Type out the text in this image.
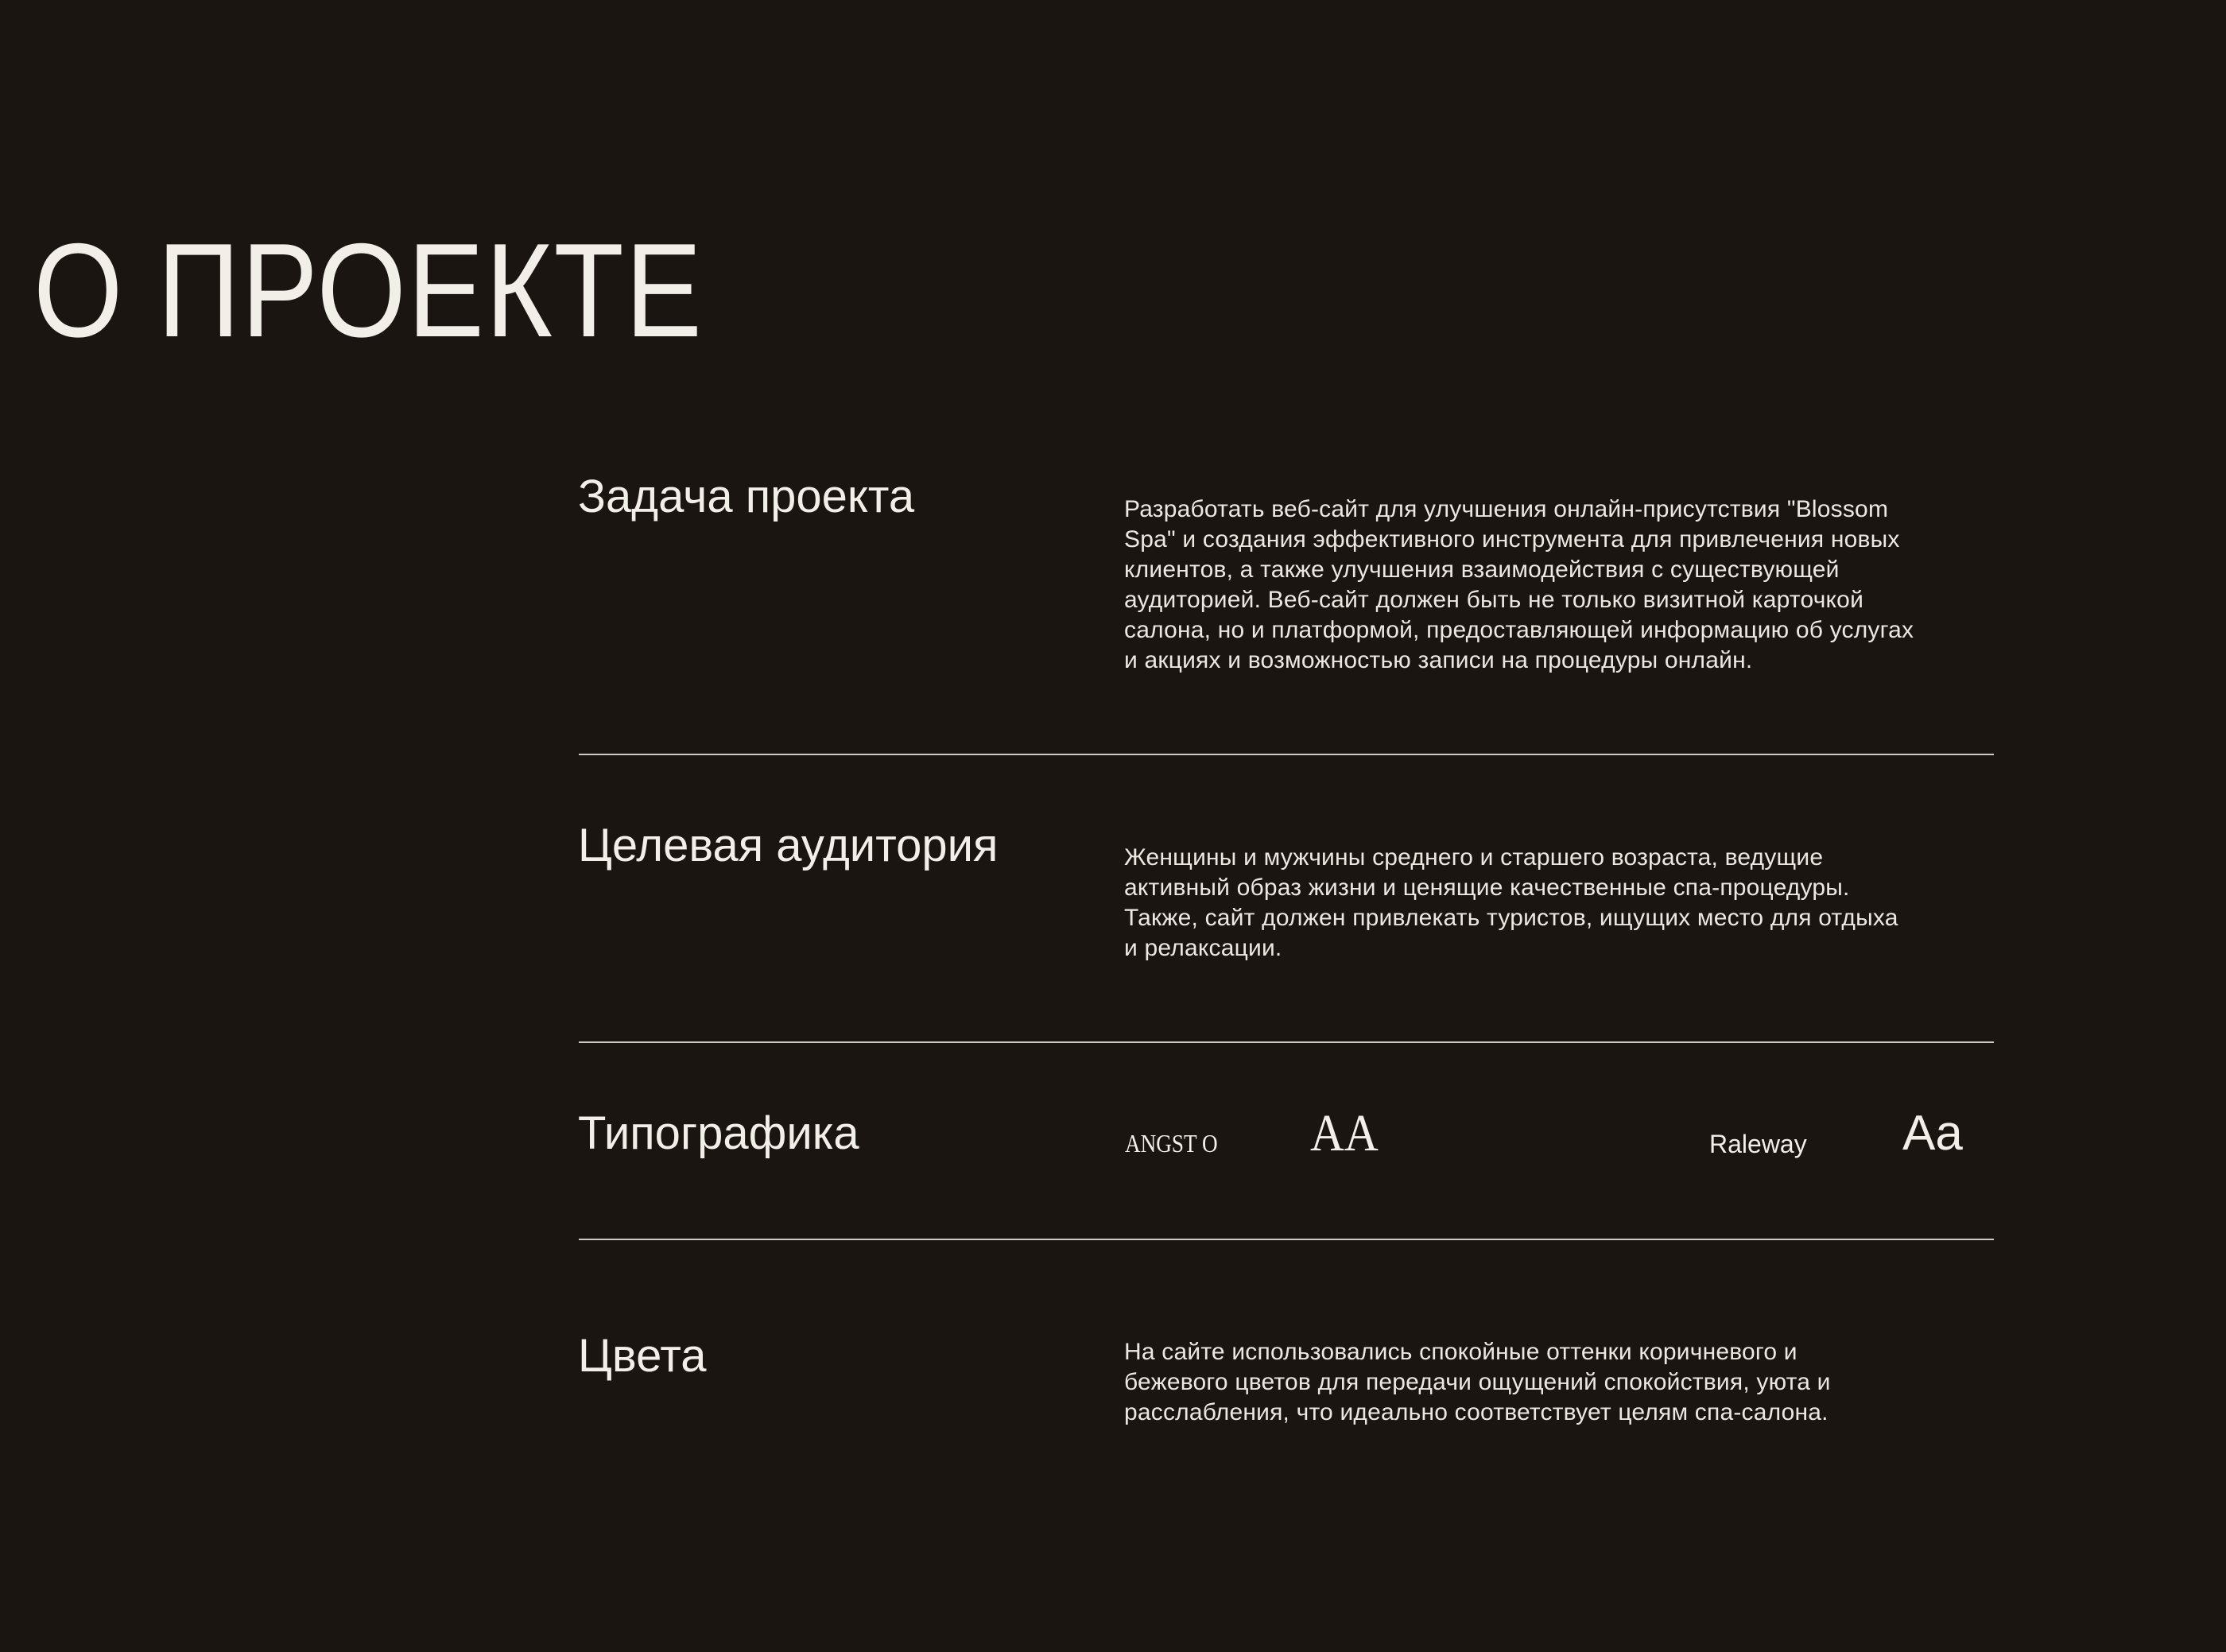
О ПРОЕКТЕ
Задача проекта	Разработать веб-сайт для улучшения онлайн-присутствия "Blossom
Spa" и создания эффективного инструмента для привлечения новых
клиентов, а также улучшения взаимодействия с существующей
аудиторией. Веб-сайт должен быть не только визитной карточкой
салона, но и платформой, предоставляющей информацию об услугах
и акциях и возможностью записи на процедуры онлайн.
Целевая аудитория	Женщины и мужчины среднего и старшего возраста, ведущие
активный образ жизни и ценящие качественные спа-процедуры.
Также, сайт должен привлекать туристов, ищущих место для отдыха
и релаксации.
Типографика	ANGST O AA	Raleway Aa
Цвета	На сайте использовались спокойные оттенки коричневого и
бежевого цветов для передачи ощущений спокойствия, уюта и
расслабления, что идеально соответствует целям спа-салона.
